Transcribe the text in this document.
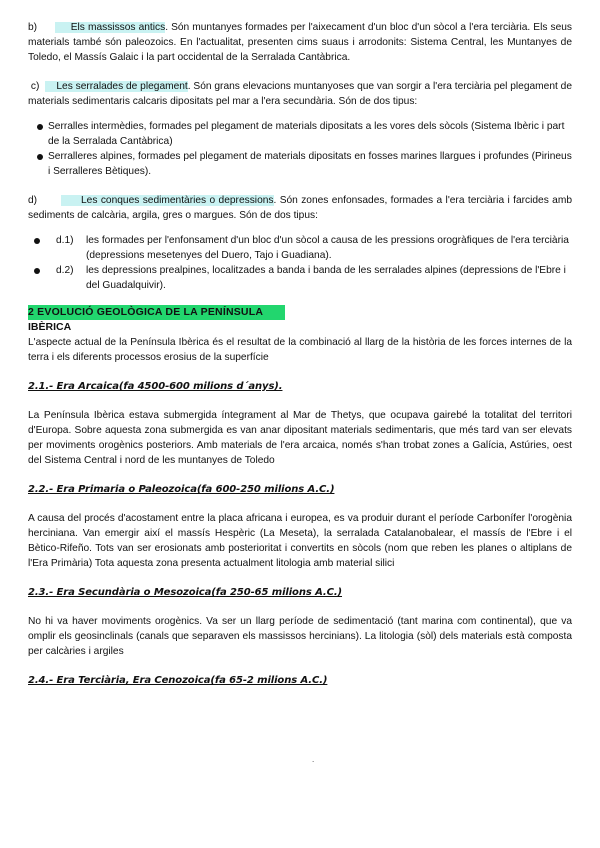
b)	Els massissos antics. Són muntanyes formades per l'aixecament d'un bloc d'un sòcol a l'era terciària. Els seus materials també són paleozoics. En l'actualitat, presenten cims suaus i arrodonits: Sistema Central, les Muntanyes de Toledo, el Massís Galaic i la part occidental de la Serralada Cantàbrica.

c) Les serralades de plegament. Són grans elevacions muntanyoses que van sorgir a l'era terciària pel plegament de materials sedimentaris calcaris dipositats pel mar a l'era secundària. Són de dos tipus:

Serralles intermèdies, formades pel plegament de materials dipositats a les vores dels sòcols (Sistema Ibèric i part de la Serralada Cantàbrica)
Serralleres alpines, formades pel plegament de materials dipositats en fosses marines llargues i profundes (Pirineus i Serralleres Bètiques).

d)	Les conques sedimentàries o depressions. Són zones enfonsades, formades a l'era terciària i farcides amb sediments de calcària, argila, gres o margues. Són de dos tipus:

d.1) les formades per l'enfonsament d'un bloc d'un sòcol a causa de les pressions orogràfiques de l'era terciària (depressions mesetenyes del Duero, Tajo i Guadiana).
d.2) les depressions prealpines, localitzades a banda i banda de les serralades alpines (depressions de l'Ebre i del Guadalquivir).
2 EVOLUCIÓ GEOLÒGICA DE LA PENÍNSULA
IBÈRICA

L'aspecte actual de la Península Ibèrica és el resultat de la combinació al llarg de la història de les forces internes de la terra i els diferents processos erosius de la superfície

2.1.- Era Arcaica(fa 4500-600 milions d´anys).

La Península Ibèrica estava submergida íntegrament al Mar de Thetys, que ocupava gairebé la totalitat del territori d'Europa. Sobre aquesta zona submergida es van anar dipositant materials sedimentaris, que més tard van ser elevats per moviments orogènics posteriors. Amb materials de l'era arcaica, només s'han trobat zones a Galícia, Astúries, oest del Sistema Central i nord de les muntanyes de Toledo

2.2.- Era Primaria o Paleozoica(fa 600-250 milions A.C.)

A causa del procés d'acostament entre la placa africana i europea, es va produir durant el període Carbonífer l'orogènia herciniana. Van emergir així el massís Hespèric (La Meseta), la serralada Catalanobalear, el massís de l'Ebre i el Bètico-Rifeño. Tots van ser erosionats amb posterioritat i convertits en sòcols (nom que reben les planes o altiplans de l'Era Primària) Tota aquesta zona presenta actualment litologia amb material silici

2.3.- Era Secundària o Mesozoica(fa 250-65 milions A.C.)

No hi va haver moviments orogènics. Va ser un llarg període de sedimentació (tant marina com continental), que va omplir els geosinclinals (canals que separaven els massissos hercinians). La litologia (sòl) dels materials està composta per calcàries i argiles

2.4.- Era Terciària, Era Cenozoica(fa 65-2 milions A.C.)

.
